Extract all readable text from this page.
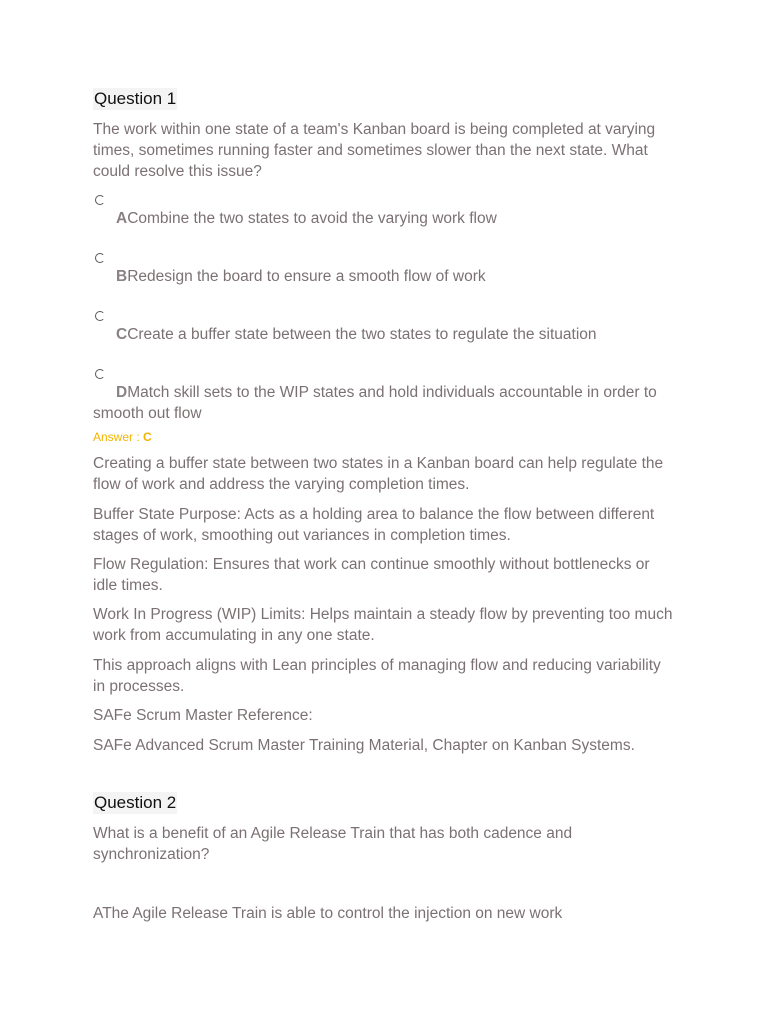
Question 1

The work within one state of a team's Kanban board is being completed at varying times, sometimes running faster and sometimes slower than the next state. What could resolve this issue?

ACombine the two states to avoid the varying work flow
BRedesign the board to ensure a smooth flow of work
CCreate a buffer state between the two states to regulate the situation
DMatch skill sets to the WIP states and hold individuals accountable in order to smooth out flow
Answer : C

Creating a buffer state between two states in a Kanban board can help regulate the flow of work and address the varying completion times.

Buffer State Purpose: Acts as a holding area to balance the flow between different stages of work, smoothing out variances in completion times.

Flow Regulation: Ensures that work can continue smoothly without bottlenecks or idle times.

Work In Progress (WIP) Limits: Helps maintain a steady flow by preventing too much work from accumulating in any one state.

This approach aligns with Lean principles of managing flow and reducing variability in processes.

SAFe Scrum Master Reference:

SAFe Advanced Scrum Master Training Material, Chapter on Kanban Systems.

Question 2

What is a benefit of an Agile Release Train that has both cadence and synchronization?

AThe Agile Release Train is able to control the injection on new work
